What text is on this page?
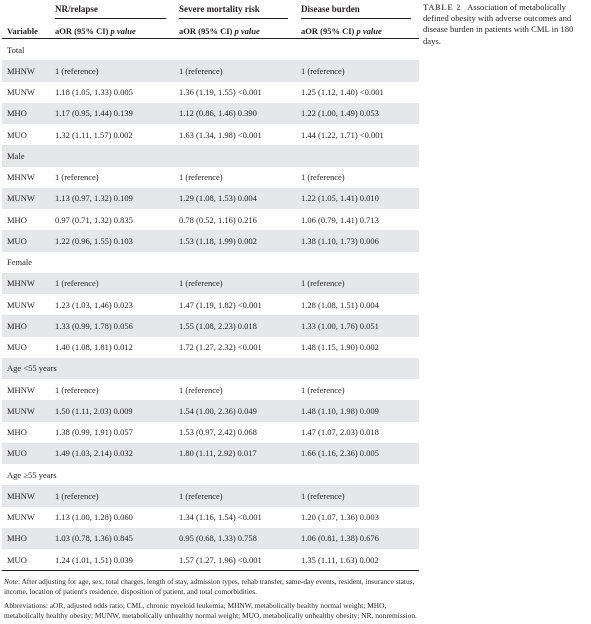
	NR/relapse	Severe mortality risk	Disease burden

Variable	aOR (95% CI) p value	aOR (95% CI) p value	aOR (95% CI) p value
Total			
MHNW	1 (reference)	1 (reference)	1 (reference)
MUNW	1.18 (1.05, 1.33) 0.005	1.36 (1.19, 1.55) <0.001	1.25 (1.12, 1.40) <0.001
MHO	1.17 (0.95, 1.44) 0.139	1.12 (0.86, 1.46) 0.390	1.22 (1.00, 1.49) 0.053
MUO	1.32 (1.11, 1.57) 0.002	1.63 (1.34, 1.98) <0.001	1.44 (1.22, 1.71) <0.001
Male			
MHNW	1 (reference)	1 (reference)	1 (reference)
MUNW	1.13 (0.97, 1.32) 0.109	1.29 (1.08, 1.53) 0.004	1.22 (1.05, 1.41) 0.010
MHO	0.97 (0.71, 1.32) 0.835	0.78 (0.52, 1.16) 0.216	1.06 (0.79, 1.41) 0.713
MUO	1.22 (0.96, 1.55) 0.103	1.53 (1.18, 1.99) 0.002	1.38 (1.10, 1.73) 0.006
Female			
MHNW	1 (reference)	1 (reference)	1 (reference)
MUNW	1.23 (1.03, 1.46) 0.023	1.47 (1.19, 1.82) <0.001	1.28 (1.08, 1.51) 0.004
MHO	1.33 (0.99, 1.78) 0.056	1.55 (1.08, 2.23) 0.018	1.33 (1.00, 1.76) 0.051
MUO	1.40 (1.08, 1.81) 0.012	1.72 (1.27, 2.32) <0.001	1.48 (1.15, 1.90) 0.002
Age <55 years			
MHNW	1 (reference)	1 (reference)	1 (reference)
MUNW	1.50 (1.11, 2.03) 0.009	1.54 (1.00, 2.36) 0.049	1.48 (1.10, 1.98) 0.009
MHO	1.38 (0.99, 1.91) 0.057	1.53 (0.97, 2.42) 0.068	1.47 (1.07, 2.03) 0.018
MUO	1.49 (1.03, 2.14) 0.032	1.80 (1.11, 2.92) 0.017	1.66 (1.16, 2.36) 0.005
Age ≥55 years			
MHNW	1 (reference)	1 (reference)	1 (reference)
MUNW	1.13 (1.00, 1.28) 0.060	1.34 (1.16, 1.54) <0.001	1.20 (1.07, 1.36) 0.003
MHO	1.03 (0.78, 1.36) 0.845	0.95 (0.68, 1.33) 0.758	1.06 (0.81, 1.38) 0.676
MUO	1.24 (1.01, 1.51) 0.039	1.57 (1.27, 1.96) <0.001	1.35 (1.11, 1.63) 0.002

Note: After adjusting for age, sex, total charges, length of stay, admission types, rehab transfer, same-day events, resident, insurance status, income, location of patient's residence, disposition of patient, and total comorbidities.

Abbreviations: aOR, adjusted odds ratio; CML, chronic myeloid leukemia; MHNW, metabolically healthy normal weight; MHO, metabolically healthy obesity; MUNW, metabolically unhealthy normal weight; MUO, metabolically unhealthy obesity; NR, nonremission.

TABLE 2 Association of metabolically defined obesity with adverse outcomes and disease burden in patients with CML in 180 days.
